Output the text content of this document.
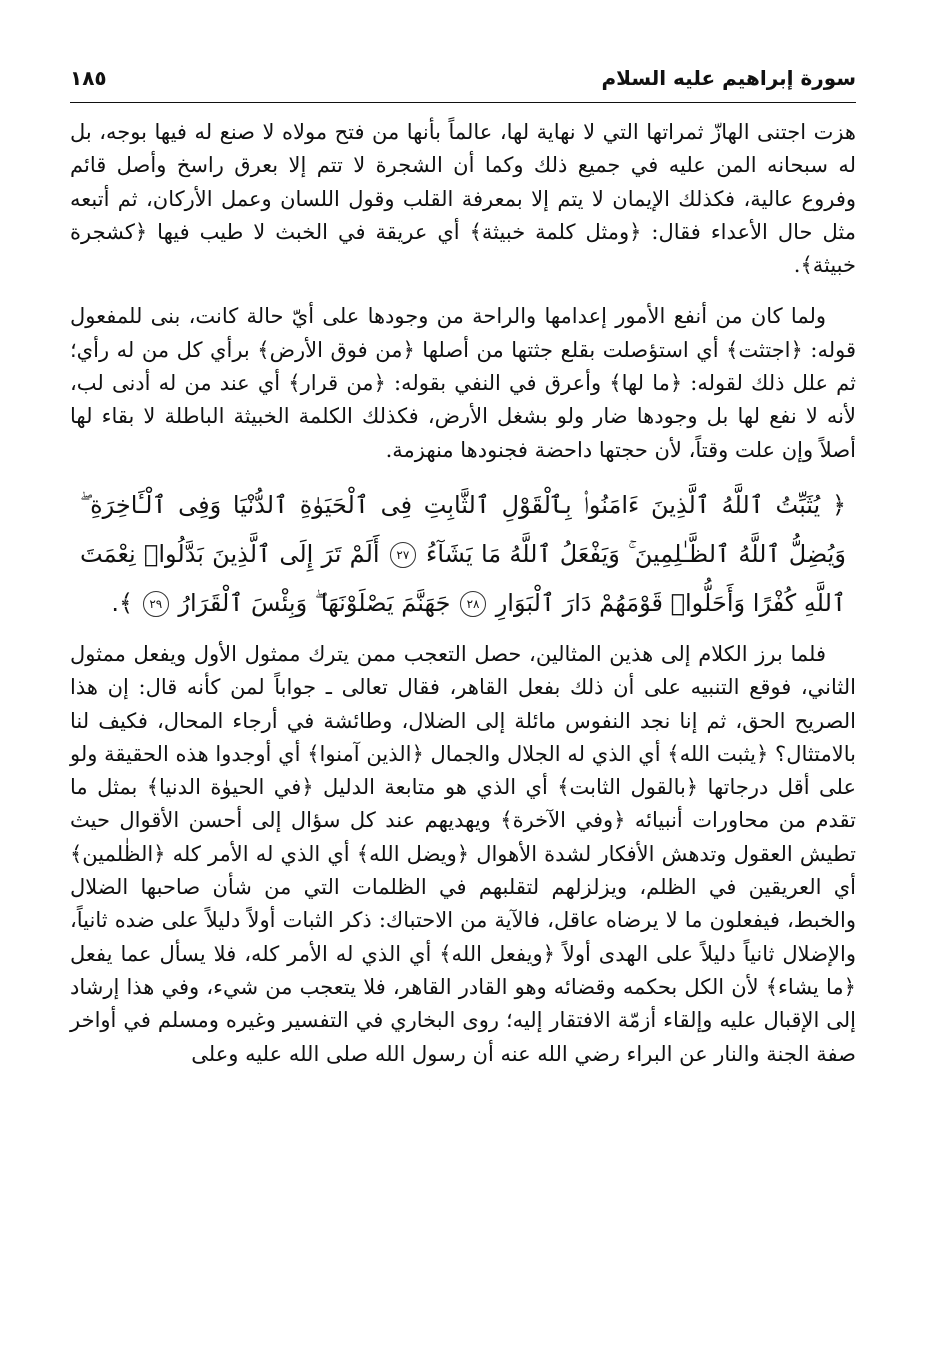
سورة إبراهيم عليه السلام
١٨٥

هزت اجتنى الهازّ ثمراتها التي لا نهاية لها، عالماً بأنها من فتح مولاه لا صنع له فيها بوجه، بل له سبحانه المن عليه في جميع ذلك وكما أن الشجرة لا تتم إلا بعرق راسخ وأصل قائم وفروع عالية، فكذلك الإيمان لا يتم إلا بمعرفة القلب وقول اللسان وعمل الأركان، ثم أتبعه مثل حال الأعداء فقال: ﴿ومثل كلمة خبيثة﴾ أي عريقة في الخبث لا طيب فيها ﴿كشجرة خبيثة﴾.

ولما كان من أنفع الأمور إعدامها والراحة من وجودها على أيّ حالة كانت، بنى للمفعول قوله: ﴿اجتثت﴾ أي استؤصلت بقلع جثتها من أصلها ﴿من فوق الأرض﴾ برأي كل من له رأي؛ ثم علل ذلك لقوله: ﴿ما لها﴾ وأعرق في النفي بقوله: ﴿من قرار﴾ أي عند من له أدنى لب، لأنه لا نفع لها بل وجودها ضار ولو بشغل الأرض، فكذلك الكلمة الخبيثة الباطلة لا بقاء لها أصلاً وإن علت وقتاً، لأن حجتها داحضة فجنودها منهزمة.

﴿ يُثَبِّتُ ٱللَّهُ ٱلَّذِينَ ءَامَنُوا۟ بِٱلْقَوْلِ ٱلثَّابِتِ فِى ٱلْحَيَوٰةِ ٱلدُّنْيَا وَفِى ٱلْـَٔاخِرَةِ ۖ وَيُضِلُّ ٱللَّهُ ٱلظَّـٰلِمِينَ ۚ وَيَفْعَلُ ٱللَّهُ مَا يَشَآءُ ٢٧ أَلَمْ تَرَ إِلَى ٱلَّذِينَ بَدَّلُوا۟ نِعْمَتَ ٱللَّهِ كُفْرًا وَأَحَلُّوا۟ قَوْمَهُمْ دَارَ ٱلْبَوَارِ ٢٨ جَهَنَّمَ يَصْلَوْنَهَا ۖ وَبِئْسَ ٱلْقَرَارُ ٢٩ ﴾.

فلما برز الكلام إلى هذين المثالين، حصل التعجب ممن يترك ممثول الأول ويفعل ممثول الثاني، فوقع التنبيه على أن ذلك بفعل القاهر، فقال تعالى ـ جواباً لمن كأنه قال: إن هذا الصريح الحق، ثم إنا نجد النفوس مائلة إلى الضلال، وطائشة في أرجاء المحال، فكيف لنا بالامتثال؟ ﴿يثبت الله﴾ أي الذي له الجلال والجمال ﴿الذين آمنوا﴾ أي أوجدوا هذه الحقيقة ولو على أقل درجاتها ﴿بالقول الثابت﴾ أي الذي هو متابعة الدليل ﴿في الحيوٰة الدنيا﴾ بمثل ما تقدم من محاورات أنبيائه ﴿وفي الآخرة﴾ ويهديهم عند كل سؤال إلى أحسن الأقوال حيث تطيش العقول وتدهش الأفكار لشدة الأهوال ﴿ويضل الله﴾ أي الذي له الأمر كله ﴿الظٰلمين﴾ أي العريقين في الظلم، ويزلزلهم لتقلبهم في الظلمات التي من شأن صاحبها الضلال والخبط، فيفعلون ما لا يرضاه عاقل، فالآية من الاحتباك: ذكر الثبات أولاً دليلاً على ضده ثانياً، والإضلال ثانياً دليلاً على الهدى أولاً ﴿ويفعل الله﴾ أي الذي له الأمر كله، فلا يسأل عما يفعل ﴿ما يشاء﴾ لأن الكل بحكمه وقضائه وهو القادر القاهر، فلا يتعجب من شيء، وفي هذا إرشاد إلى الإقبال عليه وإلقاء أزمّة الافتقار إليه؛ روى البخاري في التفسير وغيره ومسلم في أواخر صفة الجنة والنار عن البراء رضي الله عنه أن رسول الله صلى الله عليه وعلى
